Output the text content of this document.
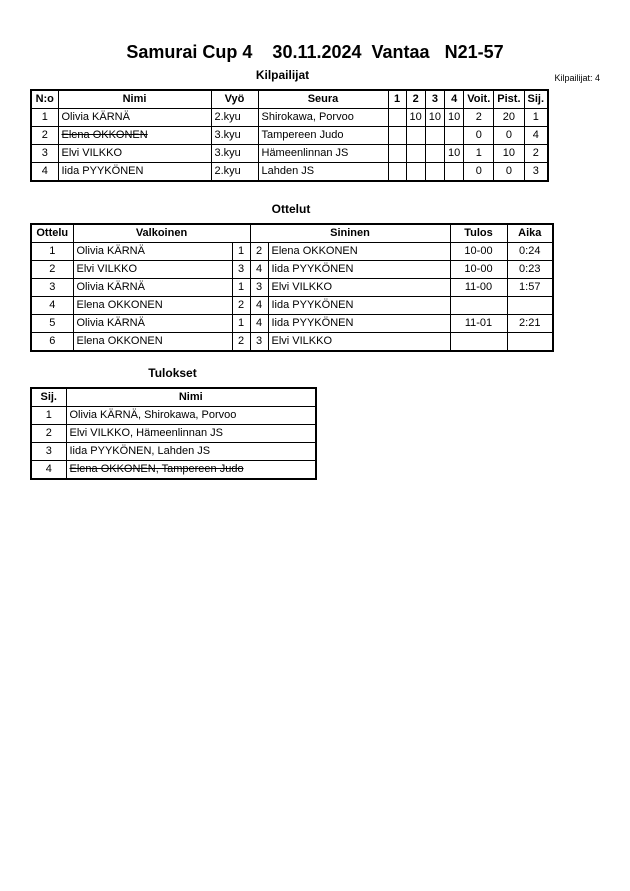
Samurai Cup 4    30.11.2024  Vantaa   N21-57
Kilpailijat	Kilpailijat: 4
N:o	Nimi	Vyö	Seura	1	2	3	4	Voit.	Pist.	Sij.
1	Olivia KÄRNÄ	2.kyu	Shirokawa, Porvoo		10	10	10	2	20	1
2	Elena OKKONEN	3.kyu	Tampereen Judo					0	0	4
3	Elvi VILKKO	3.kyu	Hämeenlinnan JS				10	1	10	2
4	Iida PYYKÖNEN	2.kyu	Lahden JS					0	0	3
Ottelut
Ottelu	Valkoinen		Sininen		Tulos	Aika
1	Olivia KÄRNÄ	1	2	Elena OKKONEN	10-00	0:24
2	Elvi VILKKO	3	4	Iida PYYKÖNEN	10-00	0:23
3	Olivia KÄRNÄ	1	3	Elvi VILKKO	11-00	1:57
4	Elena OKKONEN	2	4	Iida PYYKÖNEN		
5	Olivia KÄRNÄ	1	4	Iida PYYKÖNEN	11-01	2:21
6	Elena OKKONEN	2	3	Elvi VILKKO		
Tulokset
Sij.	Nimi
1	Olivia KÄRNÄ, Shirokawa, Porvoo
2	Elvi VILKKO, Hämeenlinnan JS
3	Iida PYYKÖNEN, Lahden JS
4	Elena OKKONEN, Tampereen Judo
